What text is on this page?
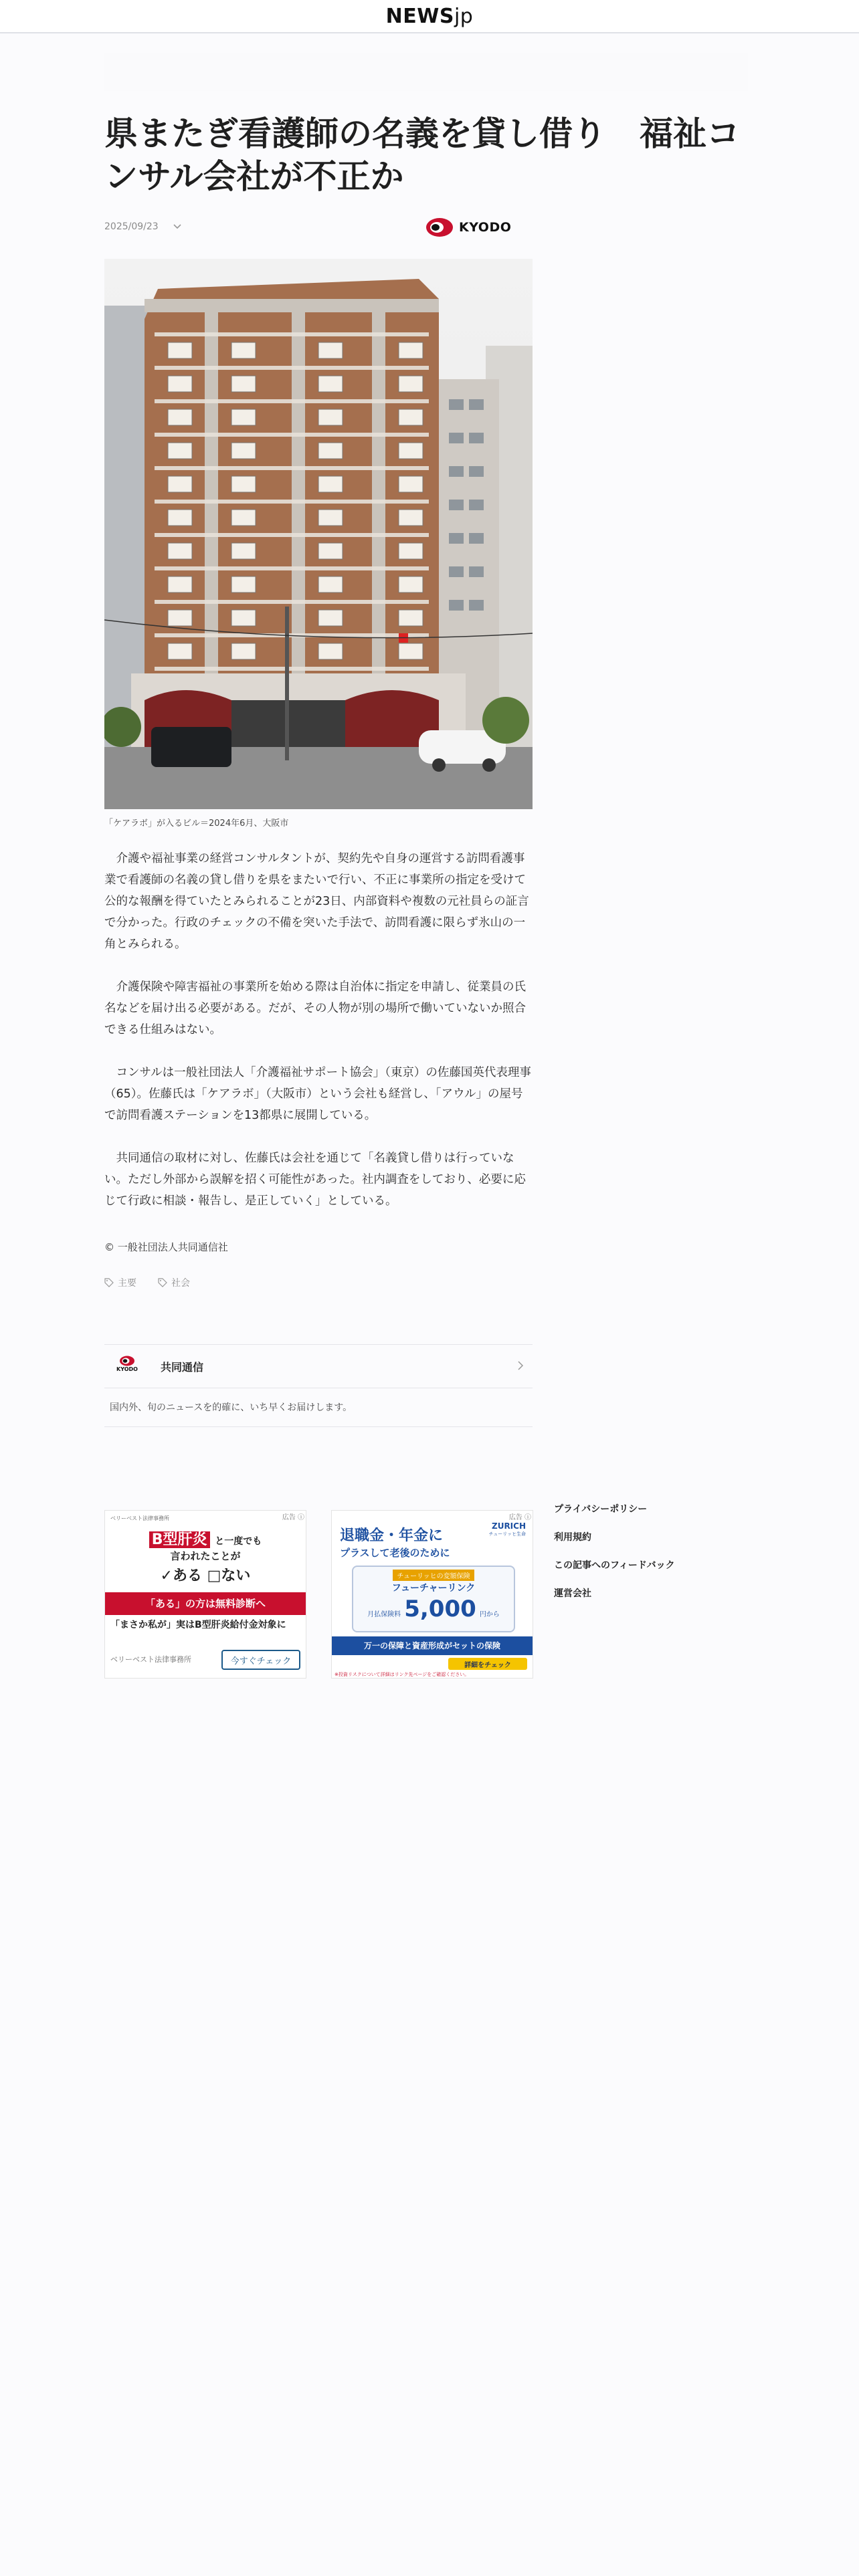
NEWSjp
県またぎ看護師の名義を貸し借り　福祉コンサル会社が不正か
2025/09/23	KYODO
「ケアラボ」が入るビル＝2024年6月、大阪市

　介護や福祉事業の経営コンサルタントが、契約先や自身の運営する訪問看護事業で看護師の名義の貸し借りを県をまたいで行い、不正に事業所の指定を受けて公的な報酬を得ていたとみられることが23日、内部資料や複数の元社員らの証言で分かった。行政のチェックの不備を突いた手法で、訪問看護に限らず氷山の一角とみられる。

　介護保険や障害福祉の事業所を始める際は自治体に指定を申請し、従業員の氏名などを届け出る必要がある。だが、その人物が別の場所で働いていないか照合できる仕組みはない。

　コンサルは一般社団法人「介護福祉サポート協会」（東京）の佐藤国英代表理事（65）。佐藤氏は「ケアラボ」（大阪市）という会社も経営し、「アウル」の屋号で訪問看護ステーションを13都県に展開している。

　共同通信の取材に対し、佐藤氏は会社を通じて「名義貸し借りは行っていない。ただし外部から誤解を招く可能性があった。社内調査をしており、必要に応じて行政に相談・報告し、是正していく」としている。

© 一般社団法人共同通信社
主要	社会
KYODO 共同通信
国内外、旬のニュースを的確に、いち早くお届けします。
広告 ⓘ
ベリーベスト法律事務所
B型肝炎 と一度でも
言われたことが
✓ある □ない
「ある」の方は無料診断へ
「まさか私が」実はB型肝炎給付金対象に
ベリーベスト法律事務所	今すぐチェック
広告 ⓘ
ZURICH
チューリッヒ生命
退職金・年金に
プラスして老後のために
チューリッヒの変額保険
フューチャーリンク
月払保険料 5,000 円から
万一の保障と資産形成がセットの保険
詳細をチェック
※投資リスクについて詳細はリンク先ページをご確認ください。
プライバシーポリシー
利用規約
この記事へのフィードバック
運営会社
